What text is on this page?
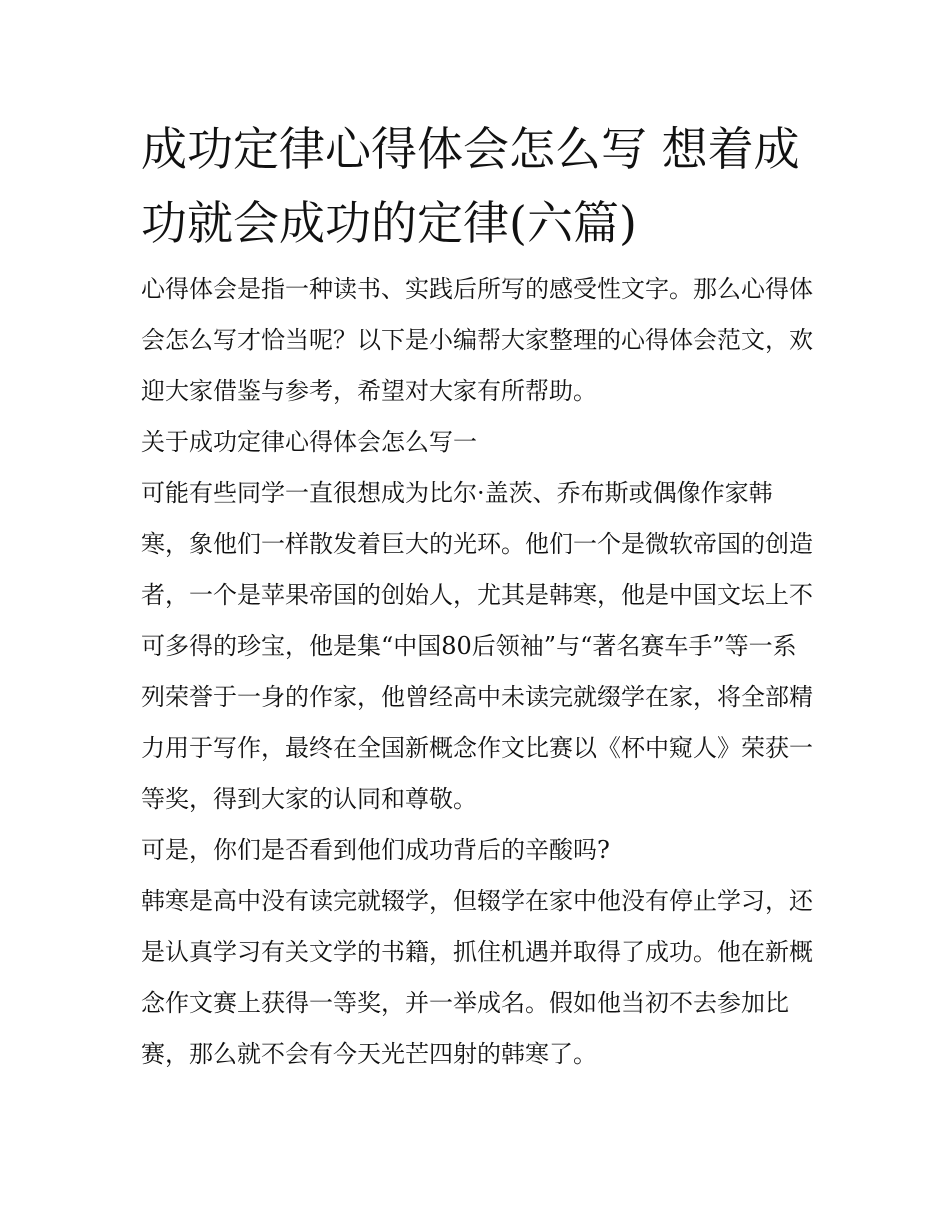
成功定律心得体会怎么写 想着成功就会成功的定律(六篇)

心得体会是指一种读书、实践后所写的感受性文字。那么心得体会怎么写才恰当呢？以下是小编帮大家整理的心得体会范文，欢迎大家借鉴与参考，希望对大家有所帮助。

关于成功定律心得体会怎么写一

可能有些同学一直很想成为比尔·盖茨、乔布斯或偶像作家韩寒，象他们一样散发着巨大的光环。他们一个是微软帝国的创造者，一个是苹果帝国的创始人，尤其是韩寒，他是中国文坛上不可多得的珍宝，他是集“中国80后领袖”与“著名赛车手”等一系列荣誉于一身的作家，他曾经高中未读完就缀学在家，将全部精力用于写作，最终在全国新概念作文比赛以《杯中窥人》荣获一等奖，得到大家的认同和尊敬。

可是，你们是否看到他们成功背后的辛酸吗?

韩寒是高中没有读完就辍学，但辍学在家中他没有停止学习，还是认真学习有关文学的书籍，抓住机遇并取得了成功。他在新概念作文赛上获得一等奖，并一举成名。假如他当初不去参加比赛，那么就不会有今天光芒四射的韩寒了。
